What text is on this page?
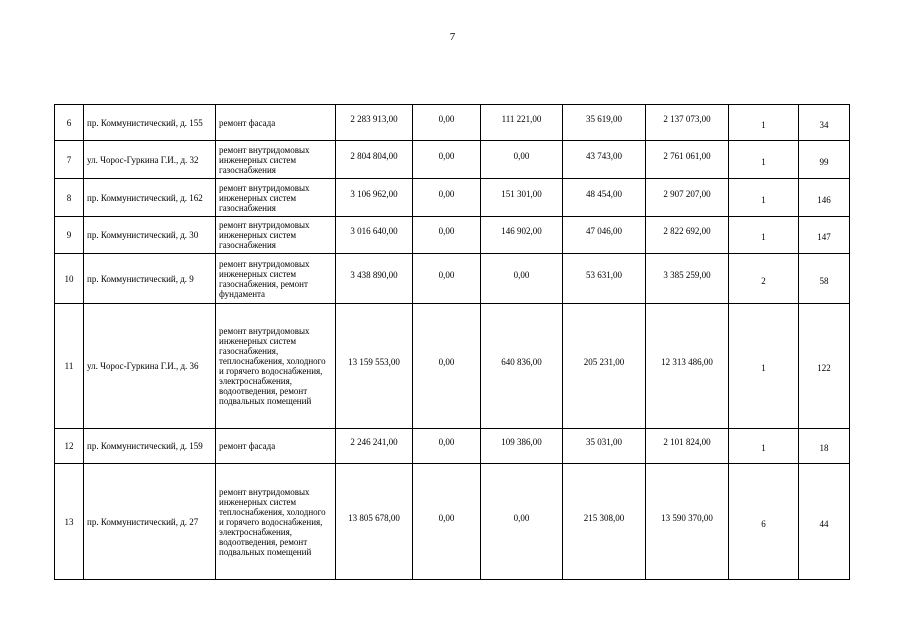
7
6	пр. Коммунистический, д. 155	ремонт фасада	2 283 913,00	0,00	111 221,00	35 619,00	2 137 073,00	1	34
7	ул. Чорос-Гуркина Г.И., д. 32	ремонт внутридомовых инженерных систем газоснабжения	2 804 804,00	0,00	0,00	43 743,00	2 761 061,00	1	99
8	пр. Коммунистический, д. 162	ремонт внутридомовых инженерных систем газоснабжения	3 106 962,00	0,00	151 301,00	48 454,00	2 907 207,00	1	146
9	пр. Коммунистический, д. 30	ремонт внутридомовых инженерных систем газоснабжения	3 016 640,00	0,00	146 902,00	47 046,00	2 822 692,00	1	147
10	пр. Коммунистический, д. 9	ремонт внутридомовых инженерных систем газоснабжения, ремонт фундамента	3 438 890,00	0,00	0,00	53 631,00	3 385 259,00	2	58
11	ул. Чорос-Гуркина Г.И., д. 36	ремонт внутридомовых инженерных систем газоснабжения, теплоснабжения, холодного и горячего водоснабжения, электроснабжения, водоотведения, ремонт подвальных помещений	13 159 553,00	0,00	640 836,00	205 231,00	12 313 486,00	1	122
12	пр. Коммунистический, д. 159	ремонт фасада	2 246 241,00	0,00	109 386,00	35 031,00	2 101 824,00	1	18
13	пр. Коммунистический, д. 27	ремонт внутридомовых инженерных систем теплоснабжения, холодного и горячего водоснабжения, электроснабжения, водоотведения, ремонт подвальных помещений	13 805 678,00	0,00	0,00	215 308,00	13 590 370,00	6	44
